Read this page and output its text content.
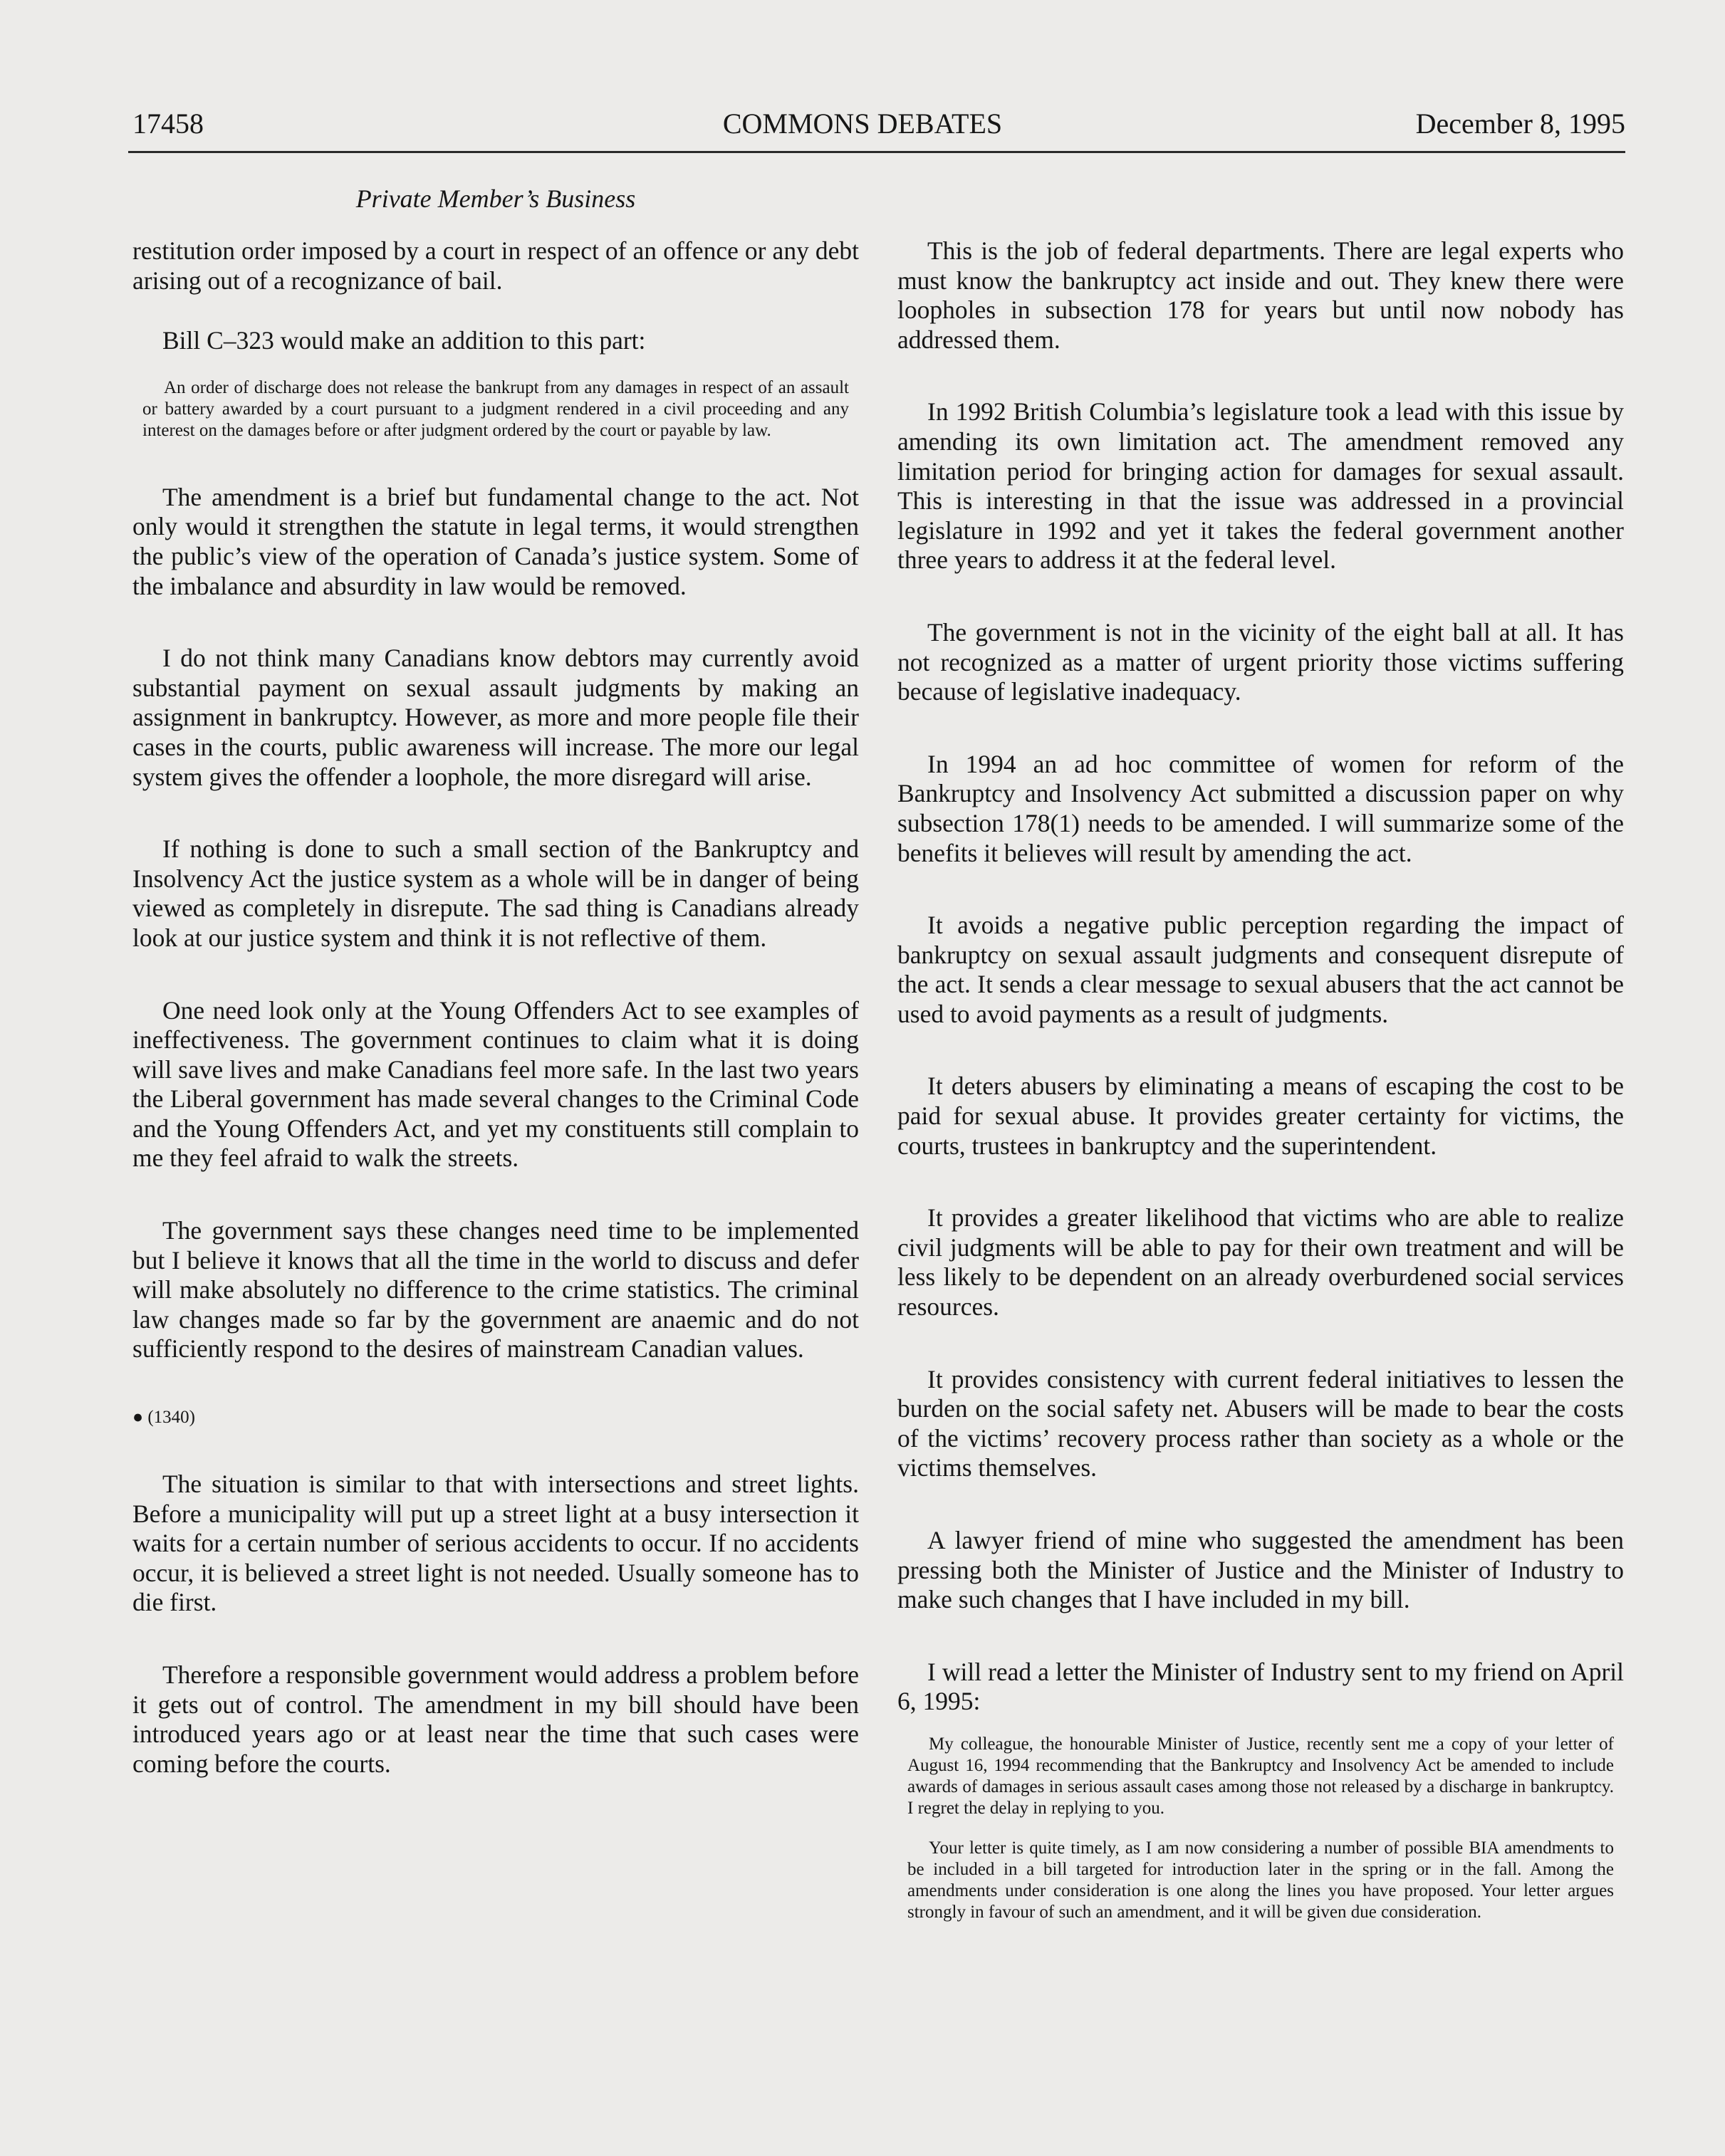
17458	COMMONS DEBATES	December 8, 1995
Private Member’s Business

restitution order imposed by a court in respect of an offence or any debt arising out of a recognizance of bail.

Bill C–323 would make an addition to this part:

An order of discharge does not release the bankrupt from any damages in respect of an assault or battery awarded by a court pursuant to a judgment rendered in a civil proceeding and any interest on the damages before or after judgment ordered by the court or payable by law.

The amendment is a brief but fundamental change to the act. Not only would it strengthen the statute in legal terms, it would strengthen the public’s view of the operation of Canada’s justice system. Some of the imbalance and absurdity in law would be removed.

I do not think many Canadians know debtors may currently avoid substantial payment on sexual assault judgments by making an assignment in bankruptcy. However, as more and more people file their cases in the courts, public awareness will increase. The more our legal system gives the offender a loophole, the more disregard will arise.

If nothing is done to such a small section of the Bankruptcy and Insolvency Act the justice system as a whole will be in danger of being viewed as completely in disrepute. The sad thing is Canadians already look at our justice system and think it is not reflective of them.

One need look only at the Young Offenders Act to see examples of ineffectiveness. The government continues to claim what it is doing will save lives and make Canadians feel more safe. In the last two years the Liberal government has made several changes to the Criminal Code and the Young Offenders Act, and yet my constituents still complain to me they feel afraid to walk the streets.

The government says these changes need time to be implemented but I believe it knows that all the time in the world to discuss and defer will make absolutely no difference to the crime statistics. The criminal law changes made so far by the government are anaemic and do not sufficiently respond to the desires of mainstream Canadian values.

● (1340)

The situation is similar to that with intersections and street lights. Before a municipality will put up a street light at a busy intersection it waits for a certain number of serious accidents to occur. If no accidents occur, it is believed a street light is not needed. Usually someone has to die first.

Therefore a responsible government would address a problem before it gets out of control. The amendment in my bill should have been introduced years ago or at least near the time that such cases were coming before the courts.

This is the job of federal departments. There are legal experts who must know the bankruptcy act inside and out. They knew there were loopholes in subsection 178 for years but until now nobody has addressed them.

In 1992 British Columbia’s legislature took a lead with this issue by amending its own limitation act. The amendment removed any limitation period for bringing action for damages for sexual assault. This is interesting in that the issue was addressed in a provincial legislature in 1992 and yet it takes the federal government another three years to address it at the federal level.

The government is not in the vicinity of the eight ball at all. It has not recognized as a matter of urgent priority those victims suffering because of legislative inadequacy.

In 1994 an ad hoc committee of women for reform of the Bankruptcy and Insolvency Act submitted a discussion paper on why subsection 178(1) needs to be amended. I will summarize some of the benefits it believes will result by amending the act.

It avoids a negative public perception regarding the impact of bankruptcy on sexual assault judgments and consequent disrepute of the act. It sends a clear message to sexual abusers that the act cannot be used to avoid payments as a result of judgments.

It deters abusers by eliminating a means of escaping the cost to be paid for sexual abuse. It provides greater certainty for victims, the courts, trustees in bankruptcy and the superintendent.

It provides a greater likelihood that victims who are able to realize civil judgments will be able to pay for their own treatment and will be less likely to be dependent on an already overburdened social services resources.

It provides consistency with current federal initiatives to lessen the burden on the social safety net. Abusers will be made to bear the costs of the victims’ recovery process rather than society as a whole or the victims themselves.

A lawyer friend of mine who suggested the amendment has been pressing both the Minister of Justice and the Minister of Industry to make such changes that I have included in my bill.

I will read a letter the Minister of Industry sent to my friend on April 6, 1995:

My colleague, the honourable Minister of Justice, recently sent me a copy of your letter of August 16, 1994 recommending that the Bankruptcy and Insolvency Act be amended to include awards of damages in serious assault cases among those not released by a discharge in bankruptcy. I regret the delay in replying to you.

Your letter is quite timely, as I am now considering a number of possible BIA amendments to be included in a bill targeted for introduction later in the spring or in the fall. Among the amendments under consideration is one along the lines you have proposed. Your letter argues strongly in favour of such an amendment, and it will be given due consideration.
